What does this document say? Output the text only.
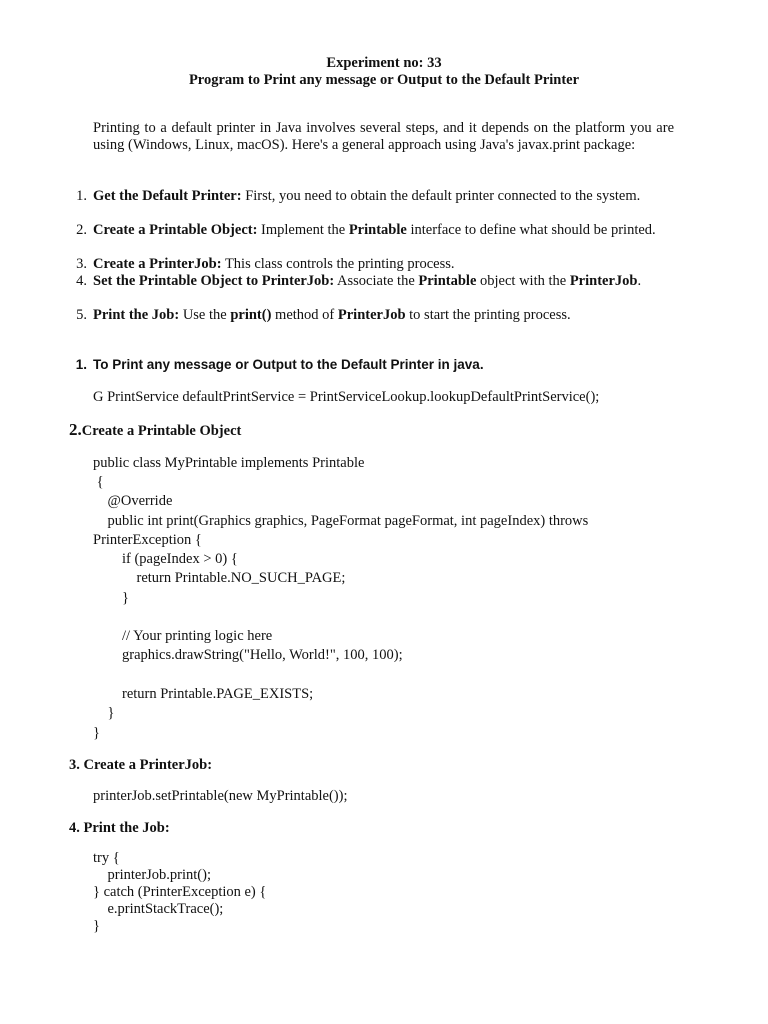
Experiment no: 33
Program to Print any message or Output to the Default Printer
Printing to a default printer in Java involves several steps, and it depends on the platform you are using (Windows, Linux, macOS). Here's a general approach using Java's javax.print package:
1. Get the Default Printer: First, you need to obtain the default printer connected to the system.
2. Create a Printable Object: Implement the Printable interface to define what should be printed.
3. Create a PrinterJob: This class controls the printing process.
4. Set the Printable Object to PrinterJob: Associate the Printable object with the PrinterJob.
5. Print the Job: Use the print() method of PrinterJob to start the printing process.
1. To Print any message or Output to the Default Printer in java.
G PrintService defaultPrintService = PrintServiceLookup.lookupDefaultPrintService();
2.Create a Printable Object
public class MyPrintable implements Printable
{
@Override
public int print(Graphics graphics, PageFormat pageFormat, int pageIndex) throws
PrinterException {
if (pageIndex > 0) {
return Printable.NO_SUCH_PAGE;
}
// Your printing logic here
graphics.drawString("Hello, World!", 100, 100);
return Printable.PAGE_EXISTS;
}
}
3. Create a PrinterJob:
printerJob.setPrintable(new MyPrintable());
4. Print the Job:
try {
printerJob.print();
} catch (PrinterException e) {
e.printStackTrace();
}
